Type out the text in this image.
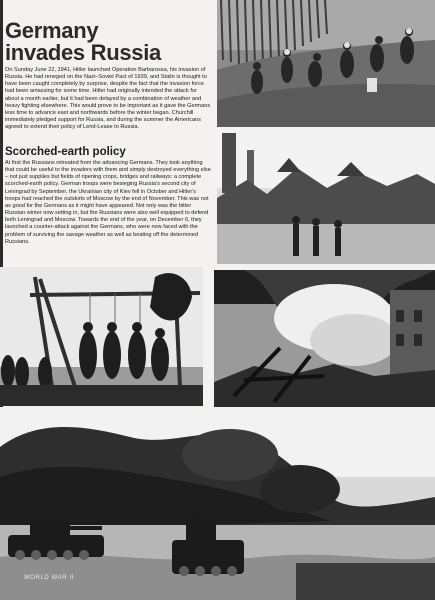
Germany
invades Russia

On Sunday June 22, 1941, Hitler launched Operation Barbarossa, his invasion of Russia. He had reneged on the Nazi–Soviet Pact of 1939, and Stalin is thought to have been caught completely by surprise, despite the fact that the invasion force had been amassing for some time. Hitler had originally intended the attack for about a month earlier, but it had been delayed by a combination of weather and heavy fighting elsewhere. This would prove to be important as it gave the Germans less time to advance east and northwards before the winter began. Churchill immediately pledged support for Russia, and during the summer the Americans agreed to extend their policy of Lend-Lease to Russia.

Scorched-earth policy

At first the Russians retreated from the advancing Germans. They took anything that could be useful to the invaders with them and simply destroyed everything else – not just supplies but fields of ripening crops, bridges and railways: a complete scorched-earth policy. German troops were besieging Russia's second city of Leningrad by September, the Ukrainian city of Kiev fell in October and Hitler's troops had reached the outskirts of Moscow by the end of November. This was not as good for the Germans as it might have appeared. Not only was the bitter Russian winter now setting in, but the Russians were also well equipped to defend both Leningrad and Moscow. Towards the end of the year, on December 6, they launched a counter-attack against the Germans, who were now faced with the problem of surviving the savage weather as well as beating off the determined Russians.

WORLD WAR II
